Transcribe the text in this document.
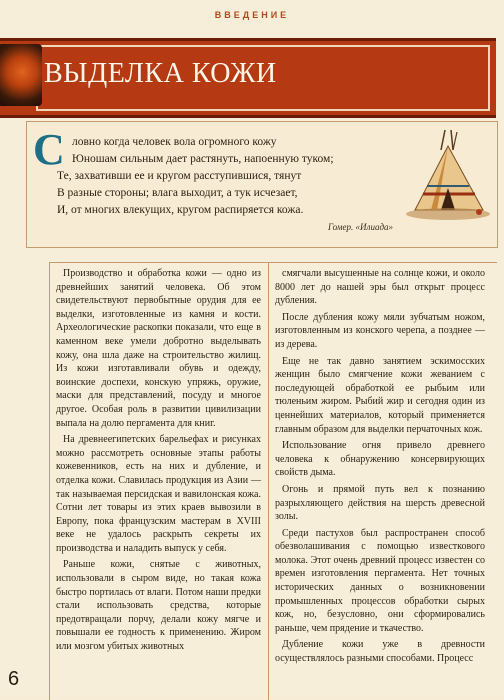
ВВЕДЕНИЕ
ВЫДЕЛКА КОЖИ
С ловно когда человек вола огромного кожу
Юношам сильным дает растянуть, напоенную туком;
Те, захвативши ее и кругом расступившися, тянут
В разные стороны; влага выходит, а тук исчезает,
И, от многих влекущих, кругом распиряется кожа.
Гомер. «Илиада»

Производство и обработка кожи — одно из древнейших занятий человека. Об этом свидетельствуют первобытные орудия для ее выделки, изготовленные из камня и кости. Археологические раскопки показали, что еще в каменном веке умели добротно выделывать кожу, она шла даже на строительство жилищ. Из кожи изготавливали обувь и одежду, воинские доспехи, конскую упряжь, оружие, маски для представлений, посуду и многое другое. Особая роль в развитии цивилизации выпала на долю пергамента для книг.

На древнеегипетских барельефах и рисунках можно рассмотреть основные этапы работы кожевенников, есть на них и дубление, и отделка кожи. Славилась продукция из Азии — так называемая персидская и вавилонская кожа. Сотни лет товары из этих краев вывозили в Европу, пока французским мастерам в XVIII веке не удалось раскрыть секреты их производства и наладить выпуск у себя.

Раньше кожи, снятые с животных, использовали в сыром виде, но такая кожа быстро портилась от влаги. Потом наши предки стали использовать средства, которые предотвращали порчу, делали кожу мягче и повышали ее годность к применению. Жиром или мозгом убитых животных

смягчали высушенные на солнце кожи, и около 8000 лет до нашей эры был открыт процесс дубления.

После дубления кожу мяли зубчатым ножом, изготовленным из конского черепа, а позднее — из дерева.

Еще не так давно занятием эскимосских женщин было смягчение кожи жеванием с последующей обработкой ее рыбьим или тюленьим жиром. Рыбий жир и сегодня один из ценнейших материалов, который применяется главным образом для выделки перчаточных кож.

Использование огня привело древнего человека к обнаружению консервирующих свойств дыма.

Огонь и прямой путь вел к познанию разрыхляющего действия на шерсть древесной золы.

Среди пастухов был распространен способ обезволашивания с помощью известкового молока. Этот очень древний процесс известен со времен изготовления пергамента. Нет точных исторических данных о возникновении промышленных процессов обработки сырых кож, но, безусловно, они сформировались раньше, чем прядение и ткачество.

Дубление кожи уже в древности осуществлялось разными способами. Процесс

6
